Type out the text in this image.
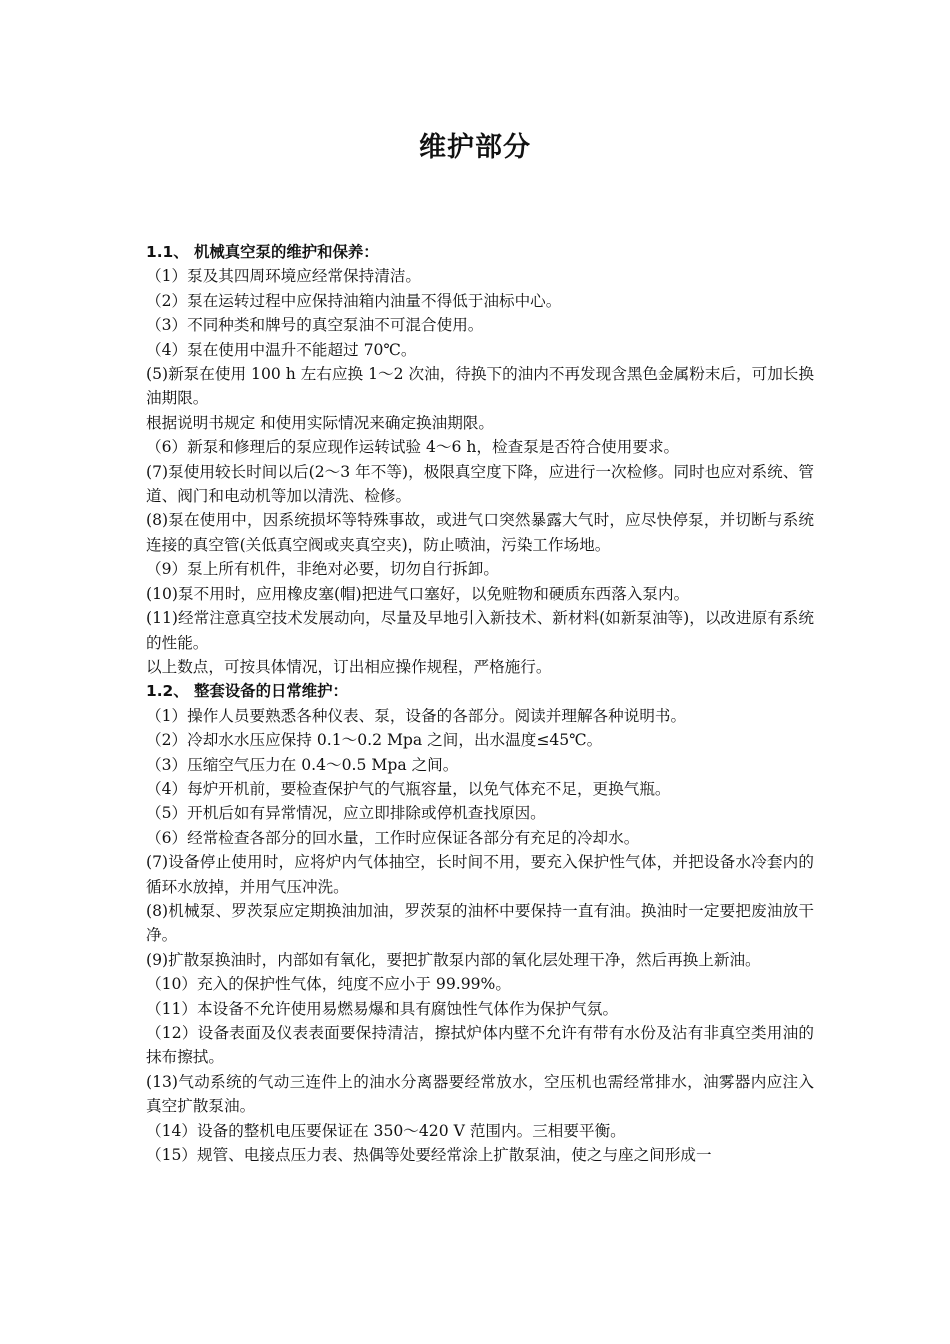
维护部分

1.1、 机械真空泵的维护和保养：

（1）泵及其四周环境应经常保持清洁。

（2）泵在运转过程中应保持油箱内油量不得低于油标中心。

（3）不同种类和牌号的真空泵油不可混合使用。

（4）泵在使用中温升不能超过 70℃。

(5)新泵在使用 100 h 左右应换 1～2 次油，待换下的油内不再发现含黑色金属粉末后，可加长换油期限。

根据说明书规定 和使用实际情况来确定换油期限。

（6）新泵和修理后的泵应现作运转试验 4～6 h，检查泵是否符合使用要求。

(7)泵使用较长时间以后(2～3 年不等)，极限真空度下降，应进行一次检修。同时也应对系统、管道、阀门和电动机等加以清洗、检修。

(8)泵在使用中，因系统损坏等特殊事故，或进气口突然暴露大气时，应尽快停泵，并切断与系统连接的真空管(关低真空阀或夹真空夹)，防止喷油，污染工作场地。

（9）泵上所有机件，非绝对必要，切勿自行拆卸。

(10)泵不用时，应用橡皮塞(帽)把进气口塞好，以免赃物和硬质东西落入泵内。

(11)经常注意真空技术发展动向，尽量及早地引入新技术、新材料(如新泵油等)，以改进原有系统的性能。

以上数点，可按具体情况，订出相应操作规程，严格施行。

1.2、 整套设备的日常维护：

（1）操作人员要熟悉各种仪表、泵，设备的各部分。阅读并理解各种说明书。

（2）冷却水水压应保持 0.1～0.2 Mpa 之间，出水温度≤45℃。

（3）压缩空气压力在 0.4～0.5 Mpa 之间。

（4）每炉开机前，要检查保护气的气瓶容量，以免气体充不足，更换气瓶。

（5）开机后如有异常情况，应立即排除或停机查找原因。

（6）经常检查各部分的回水量，工作时应保证各部分有充足的冷却水。

(7)设备停止使用时，应将炉内气体抽空，长时间不用，要充入保护性气体，并把设备水冷套内的循环水放掉，并用气压冲洗。

(8)机械泵、罗茨泵应定期换油加油，罗茨泵的油杯中要保持一直有油。换油时一定要把废油放干净。

(9)扩散泵换油时，内部如有氧化，要把扩散泵内部的氧化层处理干净，然后再换上新油。

（10）充入的保护性气体，纯度不应小于 99.99%。

（11）本设备不允许使用易燃易爆和具有腐蚀性气体作为保护气氛。

（12）设备表面及仪表表面要保持清洁，擦拭炉体内壁不允许有带有水份及沾有非真空类用油的抹布擦拭。

(13)气动系统的气动三连件上的油水分离器要经常放水，空压机也需经常排水，油雾器内应注入真空扩散泵油。

（14）设备的整机电压要保证在 350～420 V 范围内。三相要平衡。

（15）规管、电接点压力表、热偶等处要经常涂上扩散泵油，使之与座之间形成一
